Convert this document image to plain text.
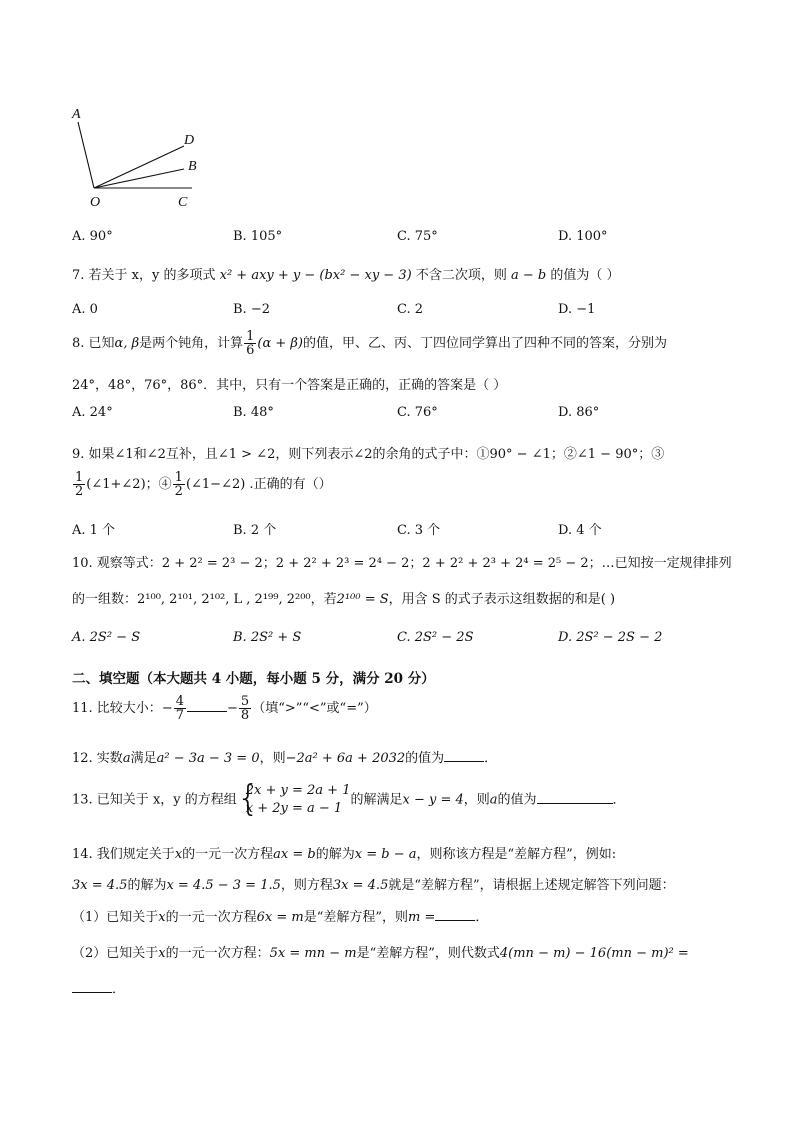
A
D
B
O	C
A. 90°	B. 105°	C. 75°	D. 100°
7. 若关于 x，y 的多项式 x² + axy + y − (bx² − xy − 3) 不含二次项，则 a − b 的值为（ ）
A. 0	B. −2	C. 2	D. −1
8. 已知α, β是两个钝角，计算 $\frac{1}{6} (\alpha + \beta)$的值，甲、乙、丙、丁四位同学算出了四种不同的答案，分别为
24°，48°，76°，86°．其中，只有一个答案是正确的，正确的答案是（ ）
A. 24°	B. 48°	C. 76°	D. 86°
9. 如果∠1和∠2互补，且∠1 > ∠2，则下列表示∠2的余角的式子中：①90° − ∠1；②∠1 − 90°；③
$\frac{1}{2}$ (∠1+∠2)；④ $\frac{1}{2}$ (∠1−∠2) .正确的有（）
A. 1 个	B. 2 个	C. 3 个	D. 4 个
10. 观察等式：2 + 2² = 2³ − 2；2 + 2² + 2³ = 2⁴ − 2；2 + 2² + 2³ + 2⁴ = 2⁵ − 2；…已知按一定规律排列
的一组数：2¹⁰⁰, 2¹⁰¹, 2¹⁰², L , 2¹⁹⁹, 2²⁰⁰，若2¹⁰⁰ = S，用含 S 的式子表示这组数据的和是( )
A. 2S² − S	B. 2S² + S	C. 2S² − 2S	D. 2S² − 2S − 2
二、填空题（本大题共 4 小题，每小题 5 分，满分 20 分）
11. 比较大小：− $\frac{4}{7}$	− $\frac{5}{8}$ （填“>”“<”或“=”）
12. 实数a满足a² − 3a − 3 = 0，则−2a² + 6a + 2032的值为	．
13. 已知关于 x，y 的方程组 {
2x + y = 2a + 1
x + 2y = a − 1
的解满足x − y = 4，则a的值为	．
14. 我们规定关于x的一元一次方程ax = b的解为x = b − a，则称该方程是“差解方程”，例如:
3x = 4.5的解为x = 4.5 − 3 = 1.5，则方程3x = 4.5就是“差解方程”，请根据上述规定解答下列问题：
（1）已知关于x的一元一次方程6x = m是“差解方程”，则m =	．
（2）已知关于x的一元一次方程：5x = mn − m是“差解方程”，则代数式4(mn − m) − 16(mn − m)² =
．
